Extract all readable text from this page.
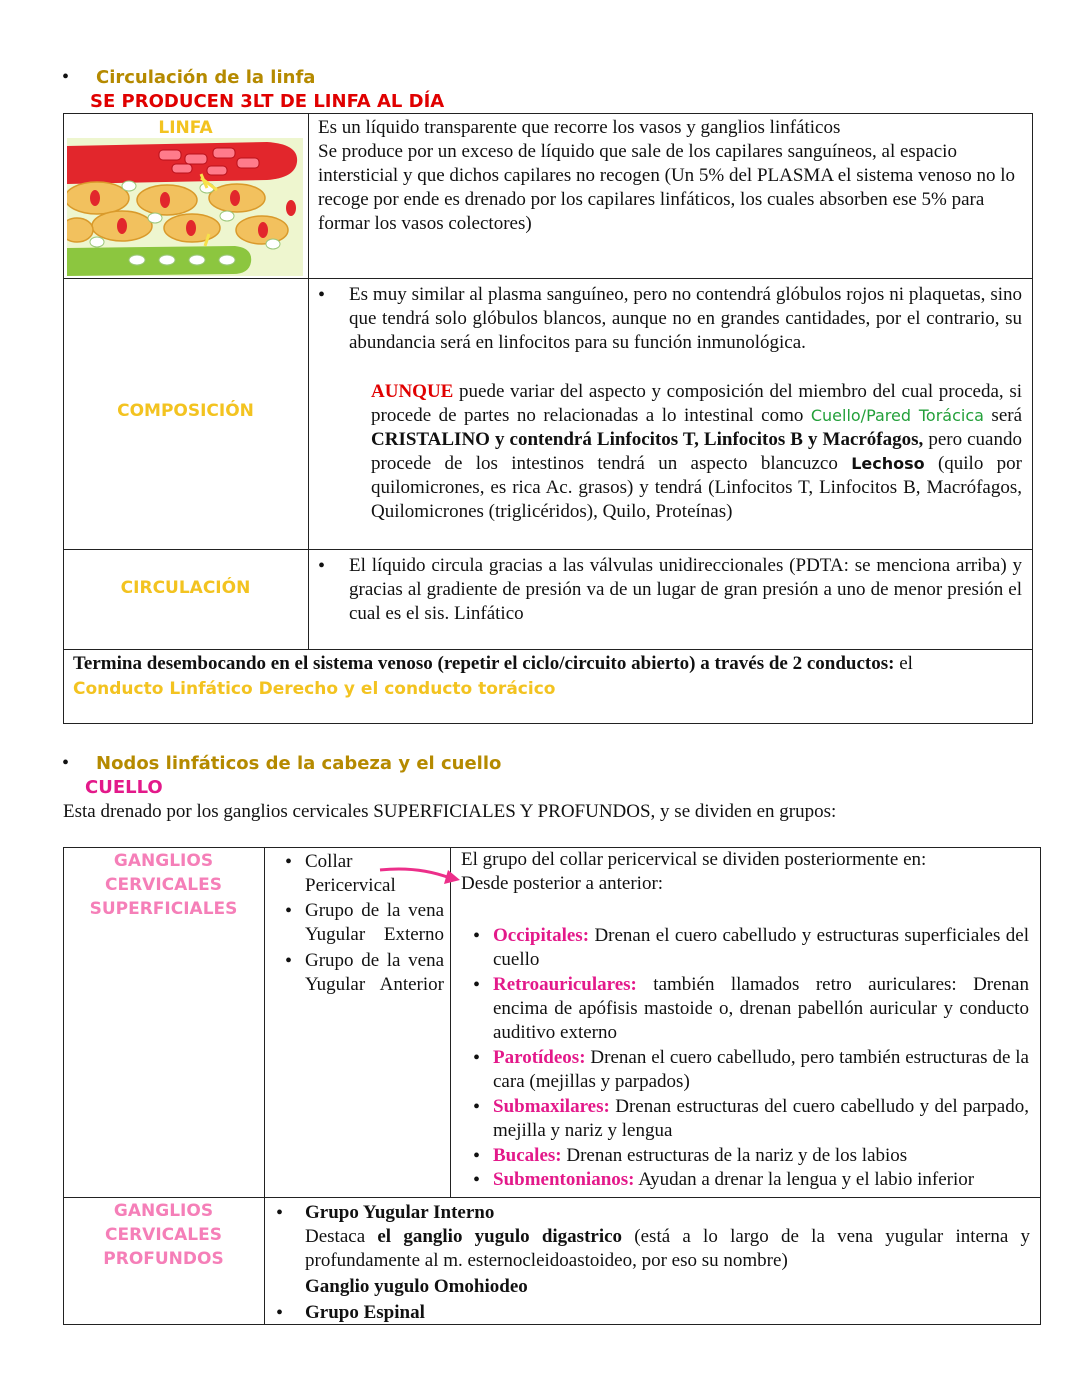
• Circulación de la linfa
SE PRODUCEN 3LT DE LINFA AL DÍA
LINFA	Es un líquido transparente que recorre los vasos y ganglios linfáticos
Se produce por un exceso de líquido que sale de los capilares sanguíneos, al espacio intersticial y que dichos capilares no recogen (Un 5% del PLASMA el sistema venoso no lo recoge por ende es drenado por los capilares linfáticos, los cuales absorben ese 5% para formar los vasos colectores)
COMPOSICIÓN
• Es muy similar al plasma sanguíneo, pero no contendrá glóbulos rojos ni plaquetas, sino que tendrá solo glóbulos blancos, aunque no en grandes cantidades, por el contrario, su abundancia será en linfocitos para su función inmunológica.
AUNQUE puede variar del aspecto y composición del miembro del cual proceda, si procede de partes no relacionadas a lo intestinal como Cuello/Pared Torácica será CRISTALINO y contendrá Linfocitos T, Linfocitos B y Macrófagos, pero cuando procede de los intestinos tendrá un aspecto blancuzco Lechoso (quilo por quilomicrones, es rica Ac. grasos) y tendrá (Linfocitos T, Linfocitos B, Macrófagos, Quilomicrones (triglicéridos), Quilo, Proteínas)
CIRCULACIÓN
• El líquido circula gracias a las válvulas unidireccionales (PDTA: se menciona arriba) y gracias al gradiente de presión va de un lugar de gran presión a uno de menor presión el cual es el sis. Linfático
Termina desembocando en el sistema venoso (repetir el ciclo/circuito abierto) a través de 2 conductos: el
Conducto Linfático Derecho y el conducto torácico
• Nodos linfáticos de la cabeza y el cuello
CUELLO
Esta drenado por los ganglios cervicales SUPERFICIALES Y PROFUNDOS, y se dividen en grupos:
GANGLIOS
CERVICALES
SUPERFICIALES
• Collar Pericervical
• Grupo de la vena Yugular Externo
• Grupo de la vena Yugular Anterior
El grupo del collar pericervical se dividen posteriormente en:
Desde posterior a anterior:
• Occipitales: Drenan el cuero cabelludo y estructuras superficiales del cuello
• Retroauriculares: también llamados retro auriculares: Drenan encima de apófisis mastoide o, drenan pabellón auricular y conducto auditivo externo
• Parotídeos: Drenan el cuero cabelludo, pero también estructuras de la cara (mejillas y parpados)
• Submaxilares: Drenan estructuras del cuero cabelludo y del parpado, mejilla y nariz y lengua
• Bucales: Drenan estructuras de la nariz y de los labios
• Submentonianos: Ayudan a drenar la lengua y el labio inferior
GANGLIOS
CERVICALES
PROFUNDOS
• Grupo Yugular Interno
Destaca el ganglio yugulo digastrico (está a lo largo de la vena yugular interna y profundamente al m. esternocleidoastoideo, por eso su nombre)
Ganglio yugulo Omohiodeo
• Grupo Espinal
